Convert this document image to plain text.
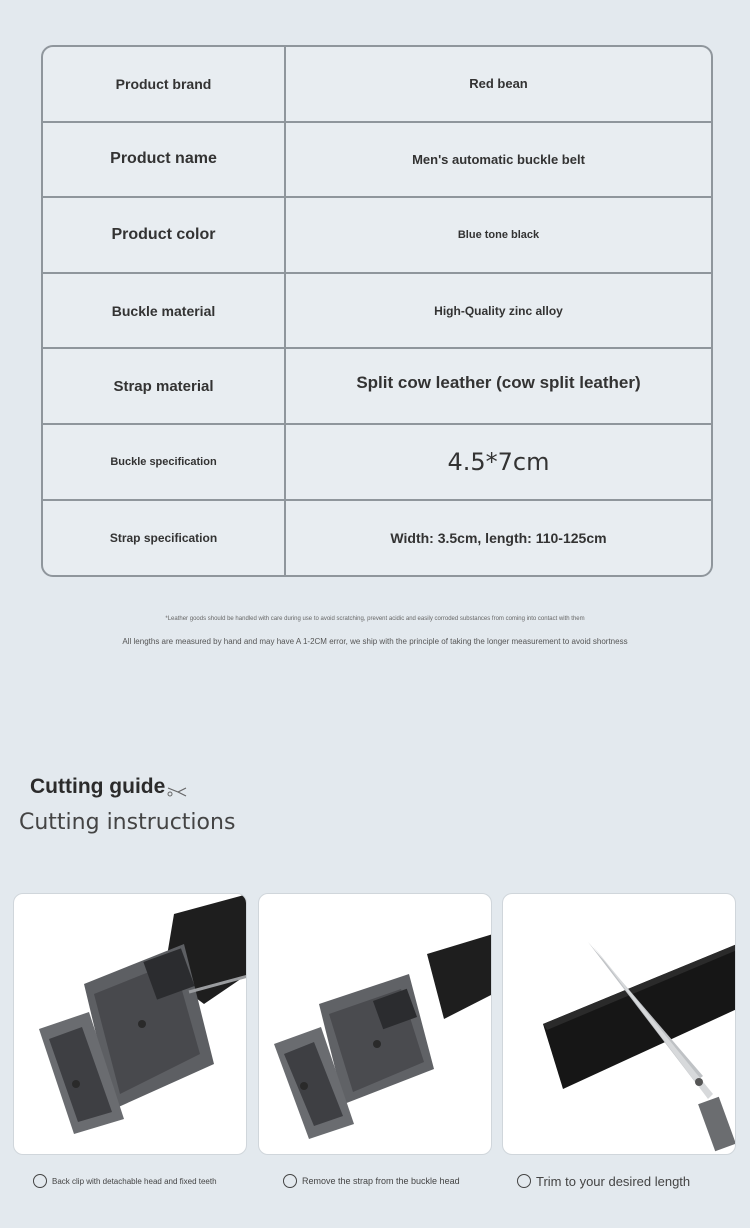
Product brand	Red bean
Product name	Men's automatic buckle belt
Product color	Blue tone black
Buckle material	High-Quality zinc alloy
Strap material	Split cow leather (cow split leather)
Buckle specification	4.5*7cm
Strap specification	Width: 3.5cm, length: 110-125cm
*Leather goods should be handled with care during use to avoid scratching, prevent acidic and easily corroded substances from coming into contact with them
All lengths are measured by hand and may have A 1-2CM error, we ship with the principle of taking the longer measurement to avoid shortness
Cutting guide
Cutting instructions
Back clip with detachable head and fixed teeth	Remove the strap from the buckle head	Trim to your desired length
